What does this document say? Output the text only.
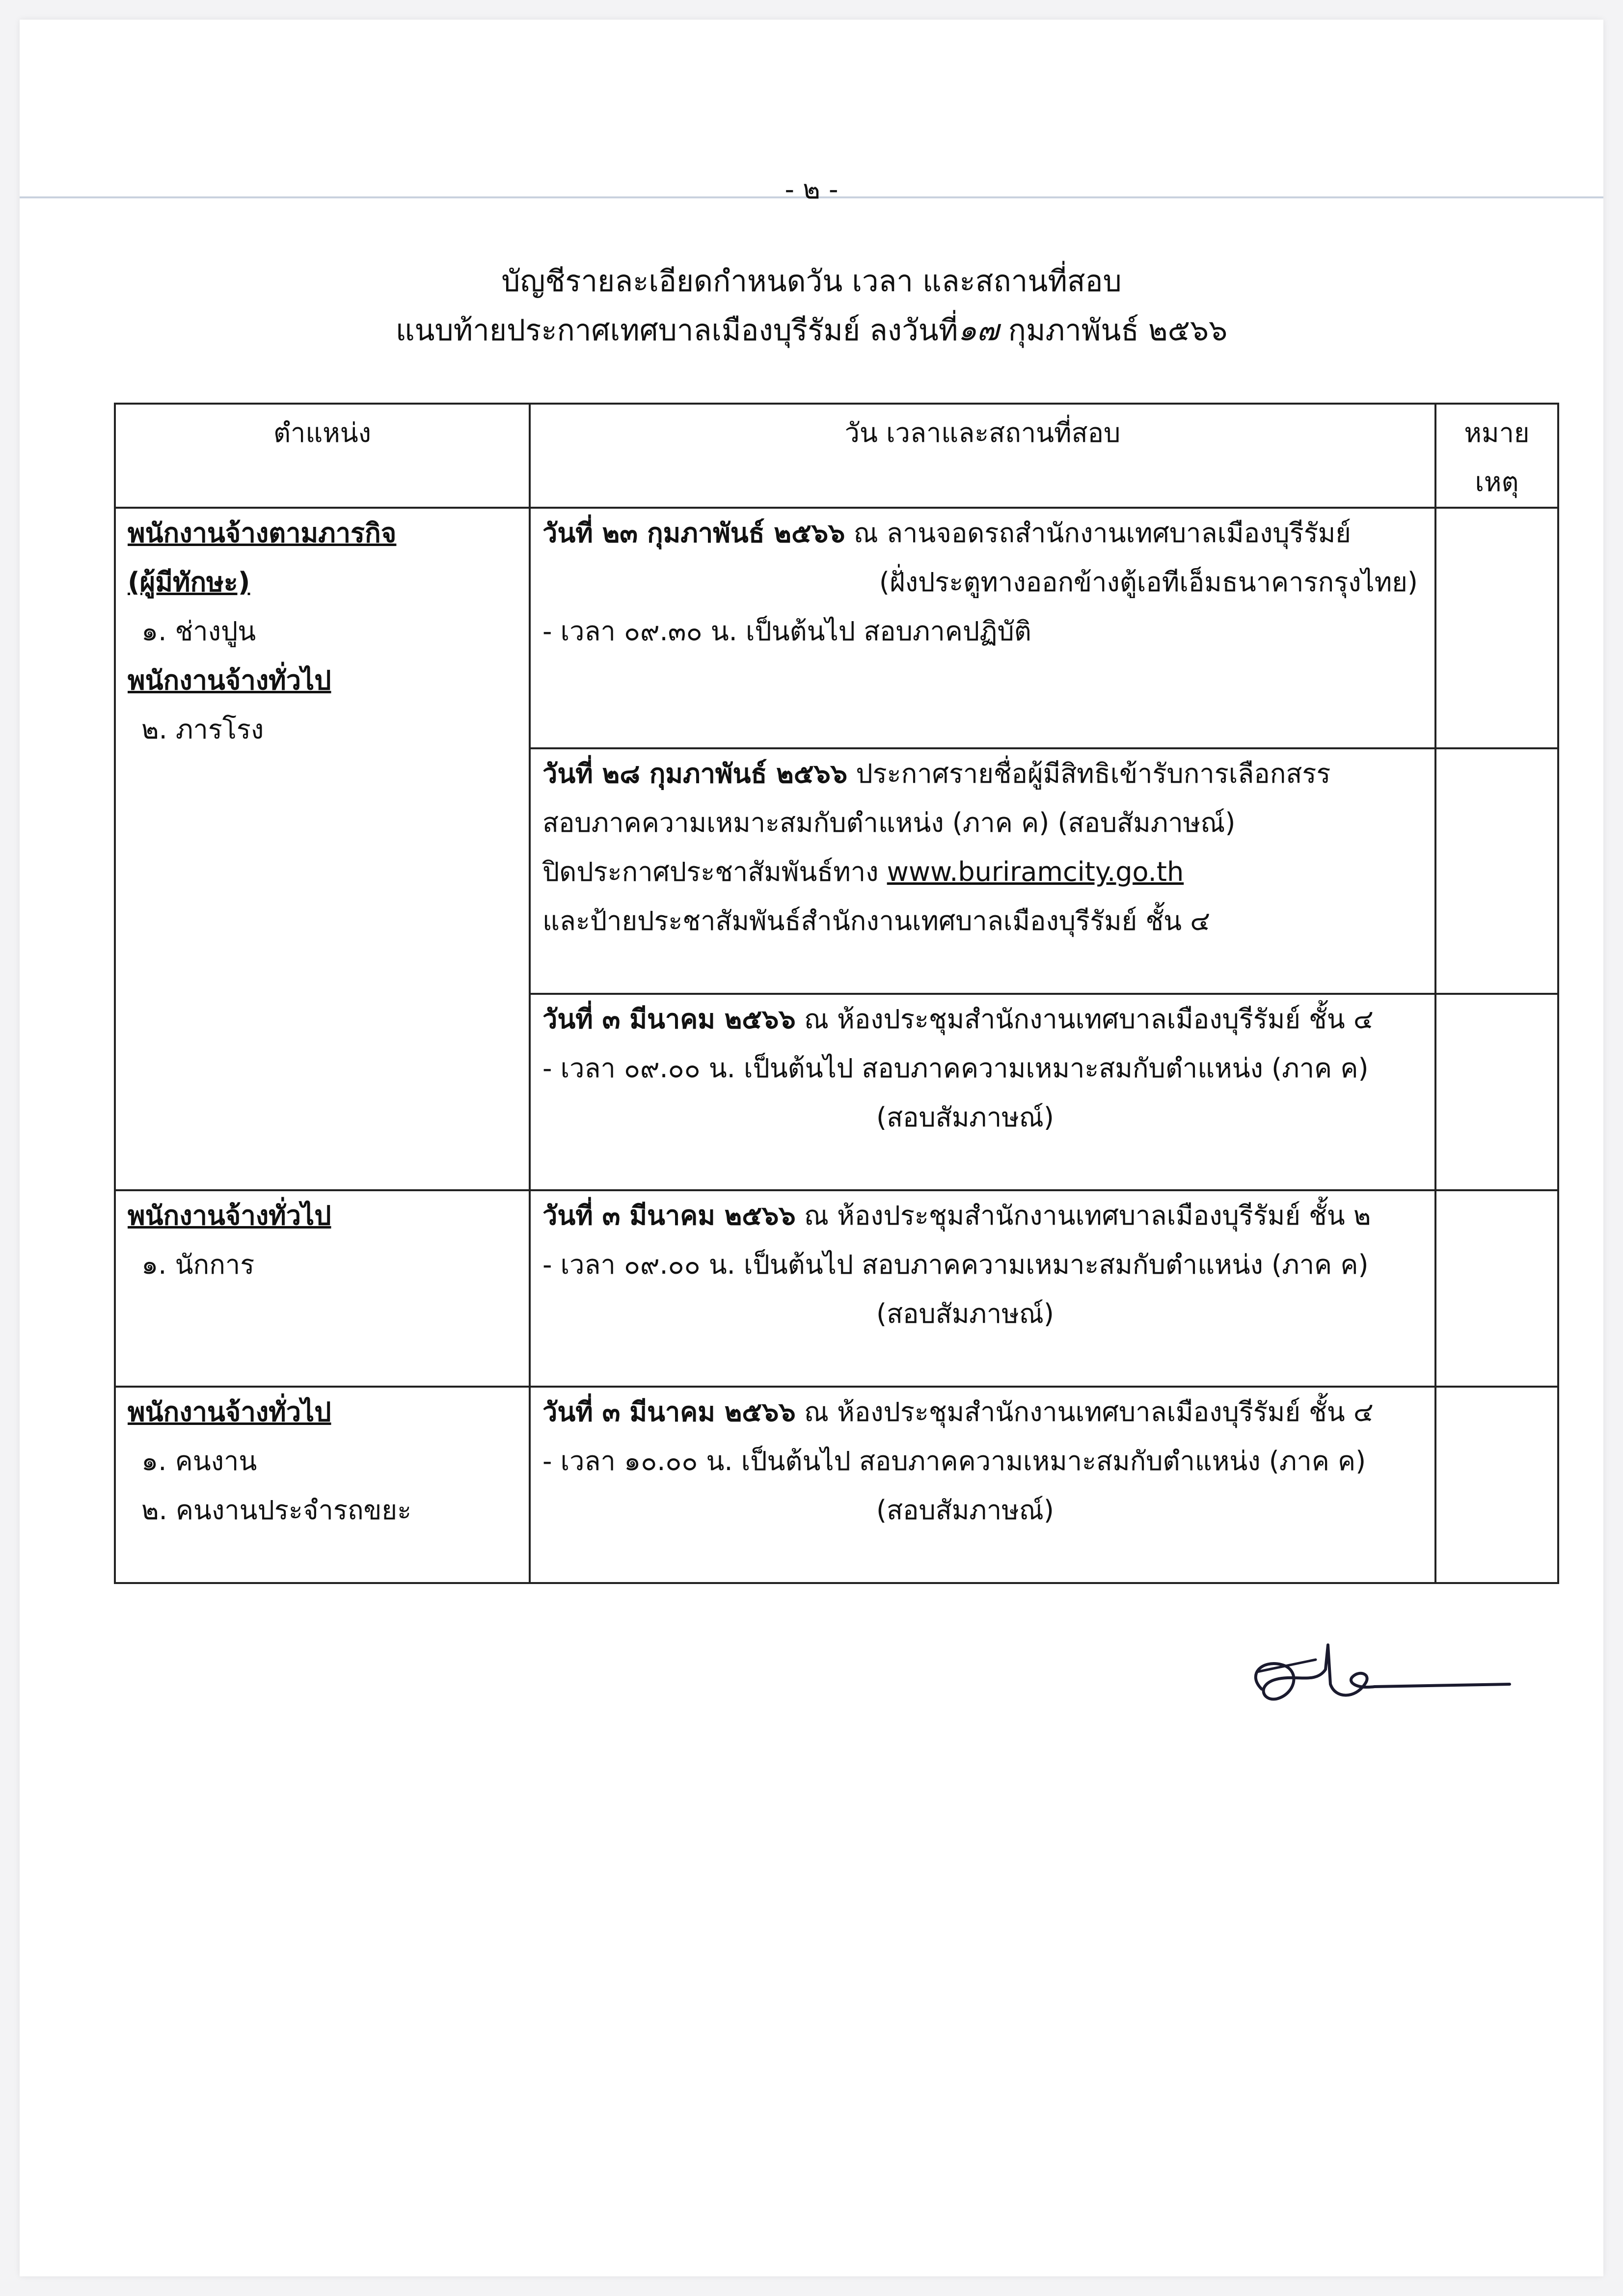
- ๒ -
บัญชีรายละเอียดกำหนดวัน เวลา และสถานที่สอบ
แนบท้ายประกาศเทศบาลเมืองบุรีรัมย์ ลงวันที่๑๗ กุมภาพันธ์ ๒๕๖๖
ตำแหน่ง	วัน เวลาและสถานที่สอบ	หมาย
เหตุ

พนักงานจ้างตามภารกิจ
(ผู้มีทักษะ)
๑. ช่างปูน
พนักงานจ้างทั่วไป
๒. ภารโรง	วันที่ ๒๓ กุมภาพันธ์ ๒๕๖๖ ณ ลานจอดรถสำนักงานเทศบาลเมืองบุรีรัมย์
(ฝั่งประตูทางออกข้างตู้เอทีเอ็มธนาคารกรุงไทย)
- เวลา ๐๙.๓๐ น. เป็นต้นไป สอบภาคปฏิบัติ	

	วันที่ ๒๘ กุมภาพันธ์ ๒๕๖๖ ประกาศรายชื่อผู้มีสิทธิเข้ารับการเลือกสรร
สอบภาคความเหมาะสมกับตำแหน่ง (ภาค ค) (สอบสัมภาษณ์)
ปิดประกาศประชาสัมพันธ์ทาง www.buriramcity.go.th
และป้ายประชาสัมพันธ์สำนักงานเทศบาลเมืองบุรีรัมย์ ชั้น ๔	

	วันที่ ๓ มีนาคม ๒๕๖๖ ณ ห้องประชุมสำนักงานเทศบาลเมืองบุรีรัมย์ ชั้น ๔
- เวลา ๐๙.๐๐ น. เป็นต้นไป สอบภาคความเหมาะสมกับตำแหน่ง (ภาค ค)
(สอบสัมภาษณ์)	

พนักงานจ้างทั่วไป
๑. นักการ	วันที่ ๓ มีนาคม ๒๕๖๖ ณ ห้องประชุมสำนักงานเทศบาลเมืองบุรีรัมย์ ชั้น ๒
- เวลา ๐๙.๐๐ น. เป็นต้นไป สอบภาคความเหมาะสมกับตำแหน่ง (ภาค ค)
(สอบสัมภาษณ์)	

พนักงานจ้างทั่วไป
๑. คนงาน
๒. คนงานประจำรถขยะ	วันที่ ๓ มีนาคม ๒๕๖๖ ณ ห้องประชุมสำนักงานเทศบาลเมืองบุรีรัมย์ ชั้น ๔
- เวลา ๑๐.๐๐ น. เป็นต้นไป สอบภาคความเหมาะสมกับตำแหน่ง (ภาค ค)
(สอบสัมภาษณ์)	
